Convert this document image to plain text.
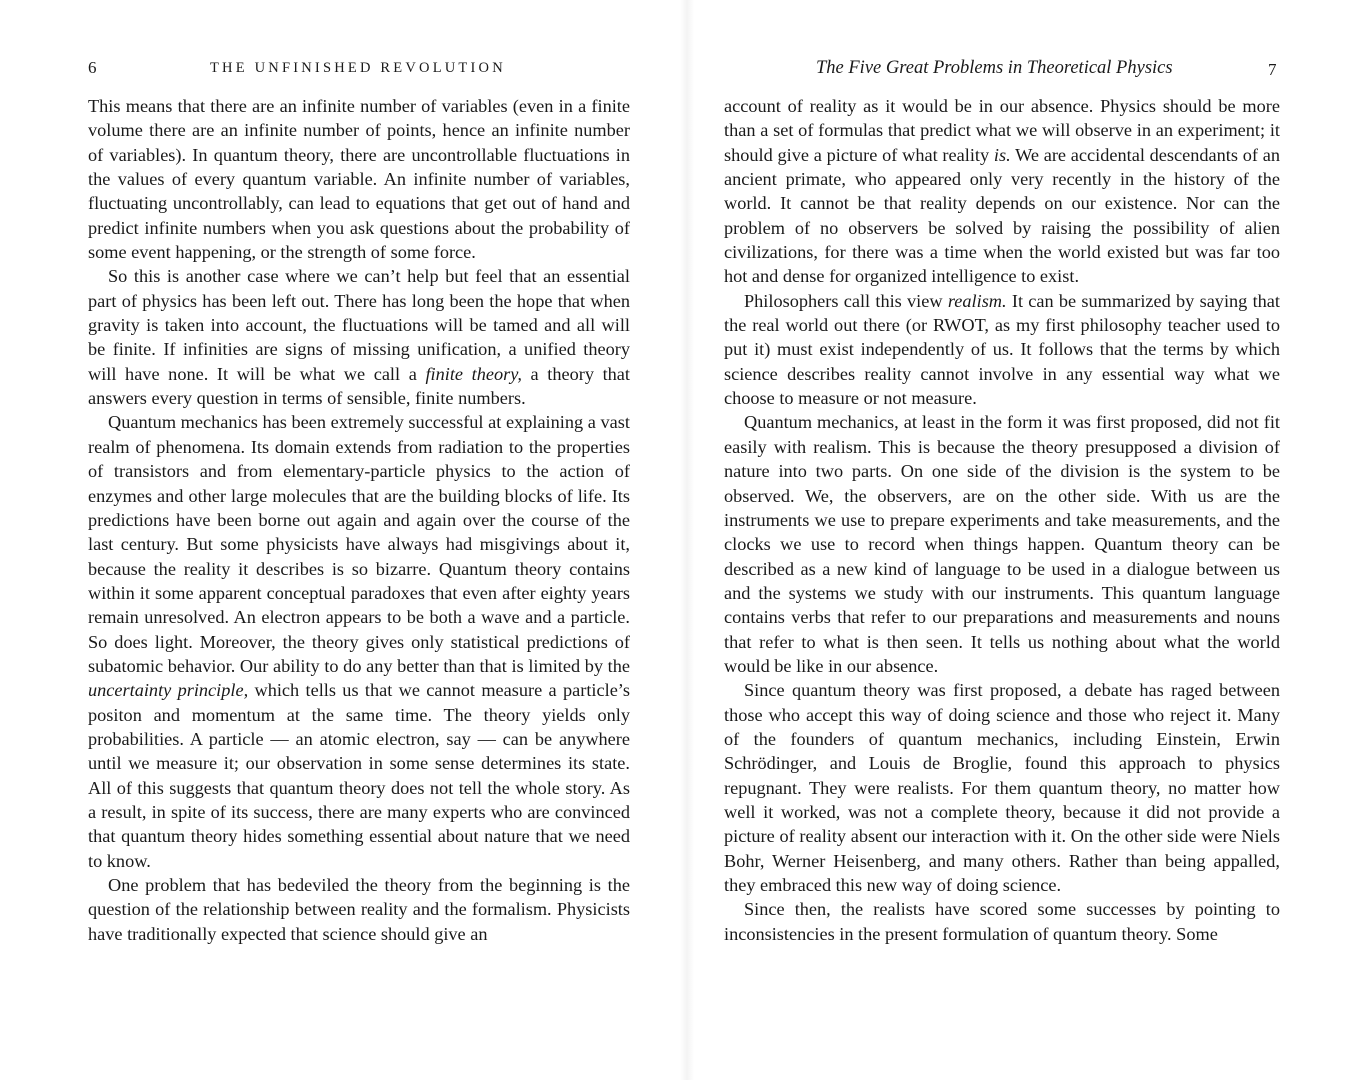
6	THE UNFINISHED REVOLUTION

This means that there are an infinite number of variables (even in a finite volume there are an infinite number of points, hence an infinite number of variables). In quantum theory, there are uncontrollable fluctuations in the values of every quantum variable. An infinite number of variables, fluctuating uncontrollably, can lead to equations that get out of hand and predict infinite numbers when you ask questions about the probability of some event happening, or the strength of some force.

So this is another case where we can’t help but feel that an essential part of physics has been left out. There has long been the hope that when gravity is taken into account, the fluctuations will be tamed and all will be finite. If infinities are signs of missing unification, a unified theory will have none. It will be what we call a finite theory, a theory that answers every question in terms of sensible, finite numbers.

Quantum mechanics has been extremely successful at explaining a vast realm of phenomena. Its domain extends from radiation to the properties of transistors and from elementary-particle physics to the action of enzymes and other large molecules that are the building blocks of life. Its predictions have been borne out again and again over the course of the last century. But some physicists have always had misgivings about it, because the reality it describes is so bizarre. Quantum theory contains within it some apparent conceptual paradoxes that even after eighty years remain unresolved. An electron appears to be both a wave and a particle. So does light. Moreover, the theory gives only statistical predictions of subatomic behavior. Our ability to do any better than that is limited by the uncertainty principle, which tells us that we cannot measure a particle’s positon and momentum at the same time. The theory yields only probabilities. A particle — an atomic electron, say — can be anywhere until we measure it; our observation in some sense determines its state. All of this suggests that quantum theory does not tell the whole story. As a result, in spite of its success, there are many experts who are convinced that quantum theory hides something essential about nature that we need to know.

One problem that has bedeviled the theory from the beginning is the question of the relationship between reality and the formalism. Physicists have traditionally expected that science should give an

The Five Great Problems in Theoretical Physics	7

account of reality as it would be in our absence. Physics should be more than a set of formulas that predict what we will observe in an experiment; it should give a picture of what reality is. We are accidental descendants of an ancient primate, who appeared only very recently in the history of the world. It cannot be that reality depends on our existence. Nor can the problem of no observers be solved by raising the possibility of alien civilizations, for there was a time when the world existed but was far too hot and dense for organized intelligence to exist.

Philosophers call this view realism. It can be summarized by saying that the real world out there (or RWOT, as my first philosophy teacher used to put it) must exist independently of us. It follows that the terms by which science describes reality cannot involve in any essential way what we choose to measure or not measure.

Quantum mechanics, at least in the form it was first proposed, did not fit easily with realism. This is because the theory presupposed a division of nature into two parts. On one side of the division is the system to be observed. We, the observers, are on the other side. With us are the instruments we use to prepare experiments and take measurements, and the clocks we use to record when things happen. Quantum theory can be described as a new kind of language to be used in a dialogue between us and the systems we study with our instruments. This quantum language contains verbs that refer to our preparations and measurements and nouns that refer to what is then seen. It tells us nothing about what the world would be like in our absence.

Since quantum theory was first proposed, a debate has raged between those who accept this way of doing science and those who reject it. Many of the founders of quantum mechanics, including Einstein, Erwin Schrödinger, and Louis de Broglie, found this approach to physics repugnant. They were realists. For them quantum theory, no matter how well it worked, was not a complete theory, because it did not provide a picture of reality absent our interaction with it. On the other side were Niels Bohr, Werner Heisenberg, and many others. Rather than being appalled, they embraced this new way of doing science.

Since then, the realists have scored some successes by pointing to inconsistencies in the present formulation of quantum theory. Some
